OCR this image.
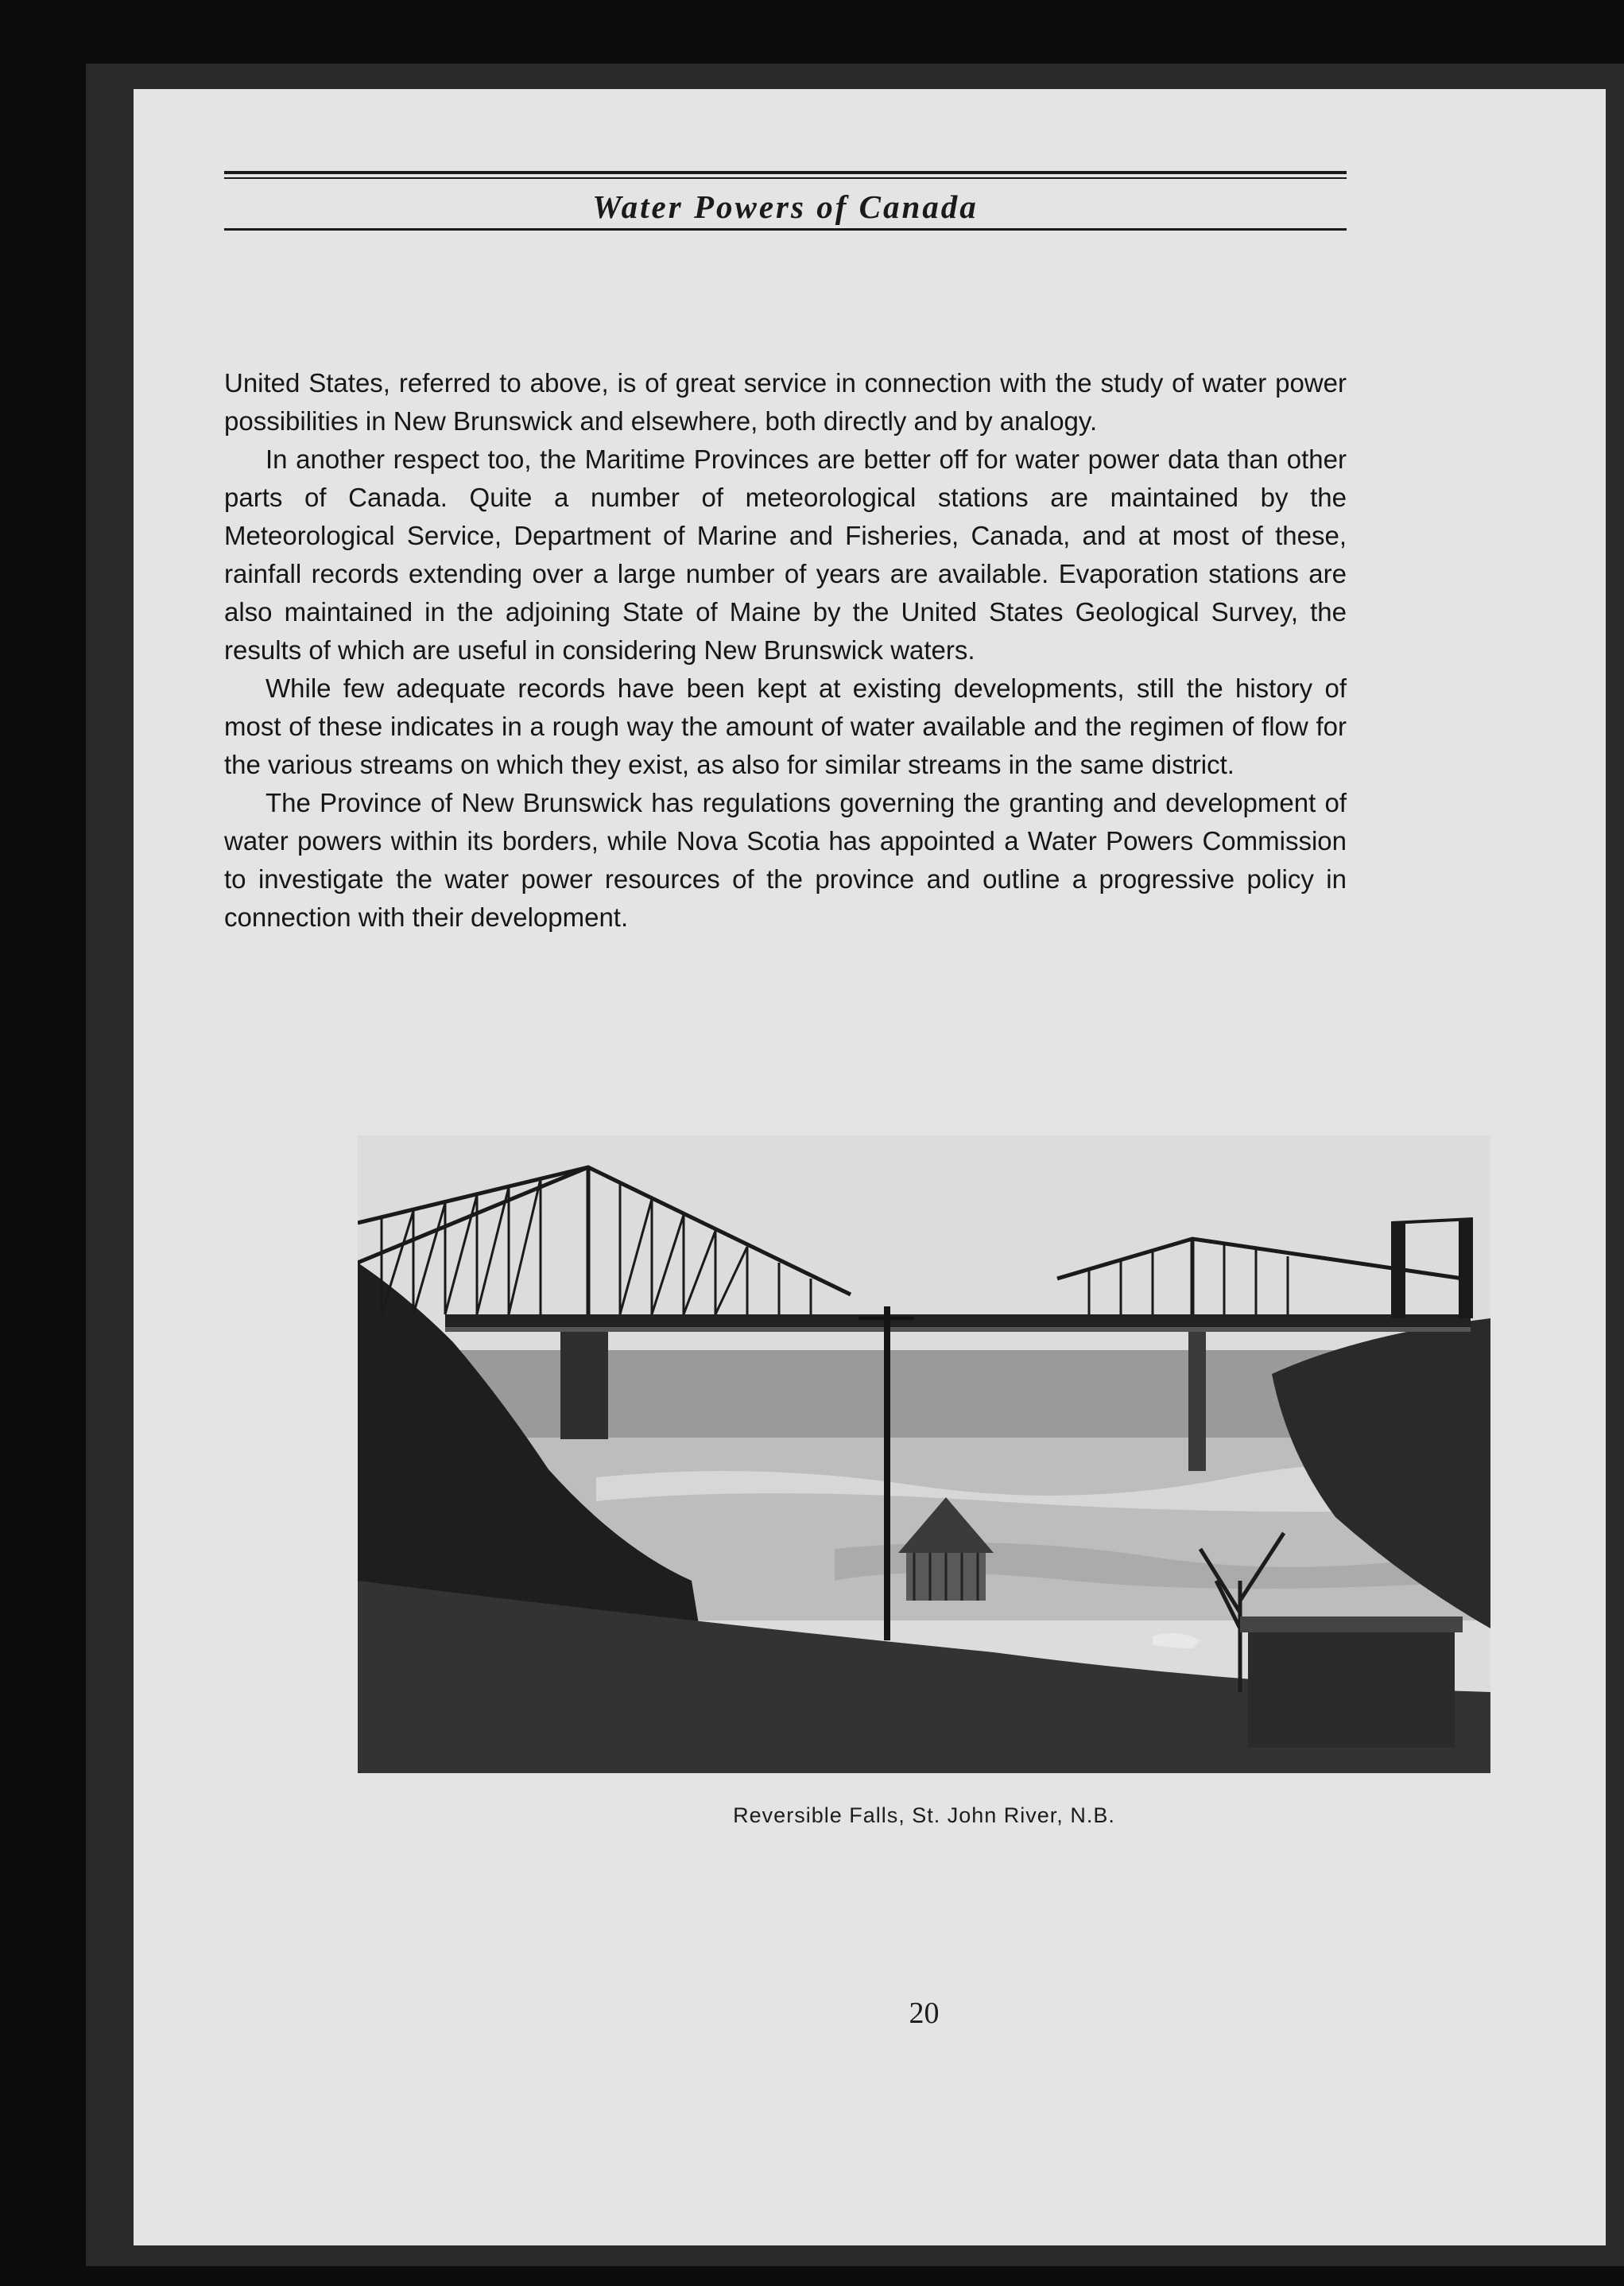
Water Powers of Canada

United States, referred to above, is of great service in connection with the study of water power possibilities in New Brunswick and elsewhere, both directly and by analogy.

In another respect too, the Maritime Provinces are better off for water power data than other parts of Canada. Quite a number of meteorological stations are maintained by the Meteorological Service, Department of Marine and Fisheries, Canada, and at most of these, rainfall records extending over a large number of years are available. Evaporation stations are also maintained in the adjoining State of Maine by the United States Geological Survey, the results of which are useful in considering New Brunswick waters.

While few adequate records have been kept at existing developments, still the history of most of these indicates in a rough way the amount of water available and the regimen of flow for the various streams on which they exist, as also for similar streams in the same district.

The Province of New Brunswick has regulations governing the granting and development of water powers within its borders, while Nova Scotia has appointed a Water Powers Commission to investigate the water power resources of the province and outline a progressive policy in connection with their development.

Reversible Falls, St. John River, N.B.
20
